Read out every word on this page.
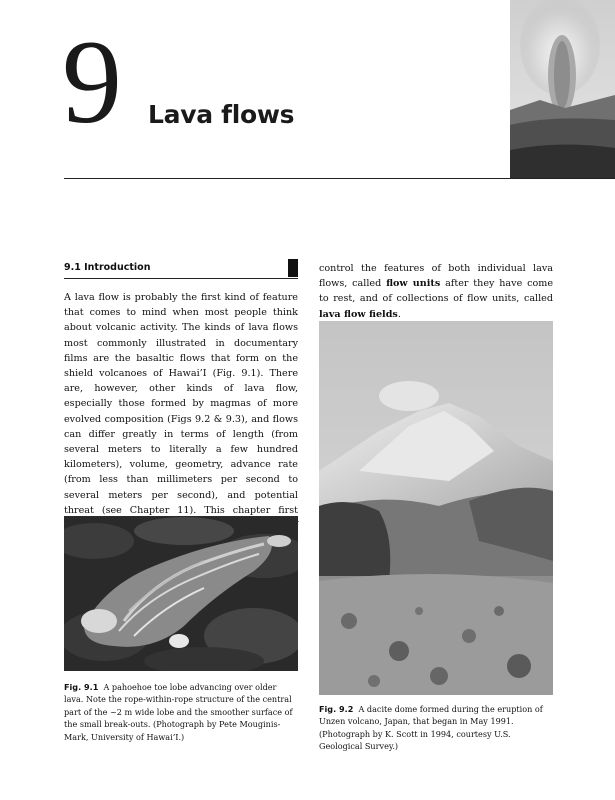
9 Lava flows
9.1 Introduction
A lava flow is probably the first kind of feature that comes to mind when most people think about volcanic activity. The kinds of lava flows most commonly illustrated in documentary films are the basaltic flows that form on the shield volcanoes of Hawai’I (Fig. 9.1). There are, however, other kinds of lava flow, especially those formed by magmas of more evolved composition (Figs 9.2 & 9.3), and flows can differ greatly in terms of length (from several meters to literally a few hundred kilometers), volume, geometry, advance rate (from less than millimeters per second to several meters per second), and potential threat (see Chapter 11). This chapter first
control the features of both individual lava flows, called flow units after they have come to rest, and of collections of flow units, called lava flow fields.
Fig. 9.1 A pahoehoe toe lobe advancing over older lava. Note the rope-within-rope structure of the central part of the ~2 m wide lobe and the smoother surface of the small break-outs. (Photograph by Pete Mouginis-Mark, University of Hawai’I.)
Fig. 9.2 A dacite dome formed during the eruption of Unzen volcano, Japan, that began in May 1991. (Photograph by K. Scott in 1994, courtesy U.S. Geological Survey.)
